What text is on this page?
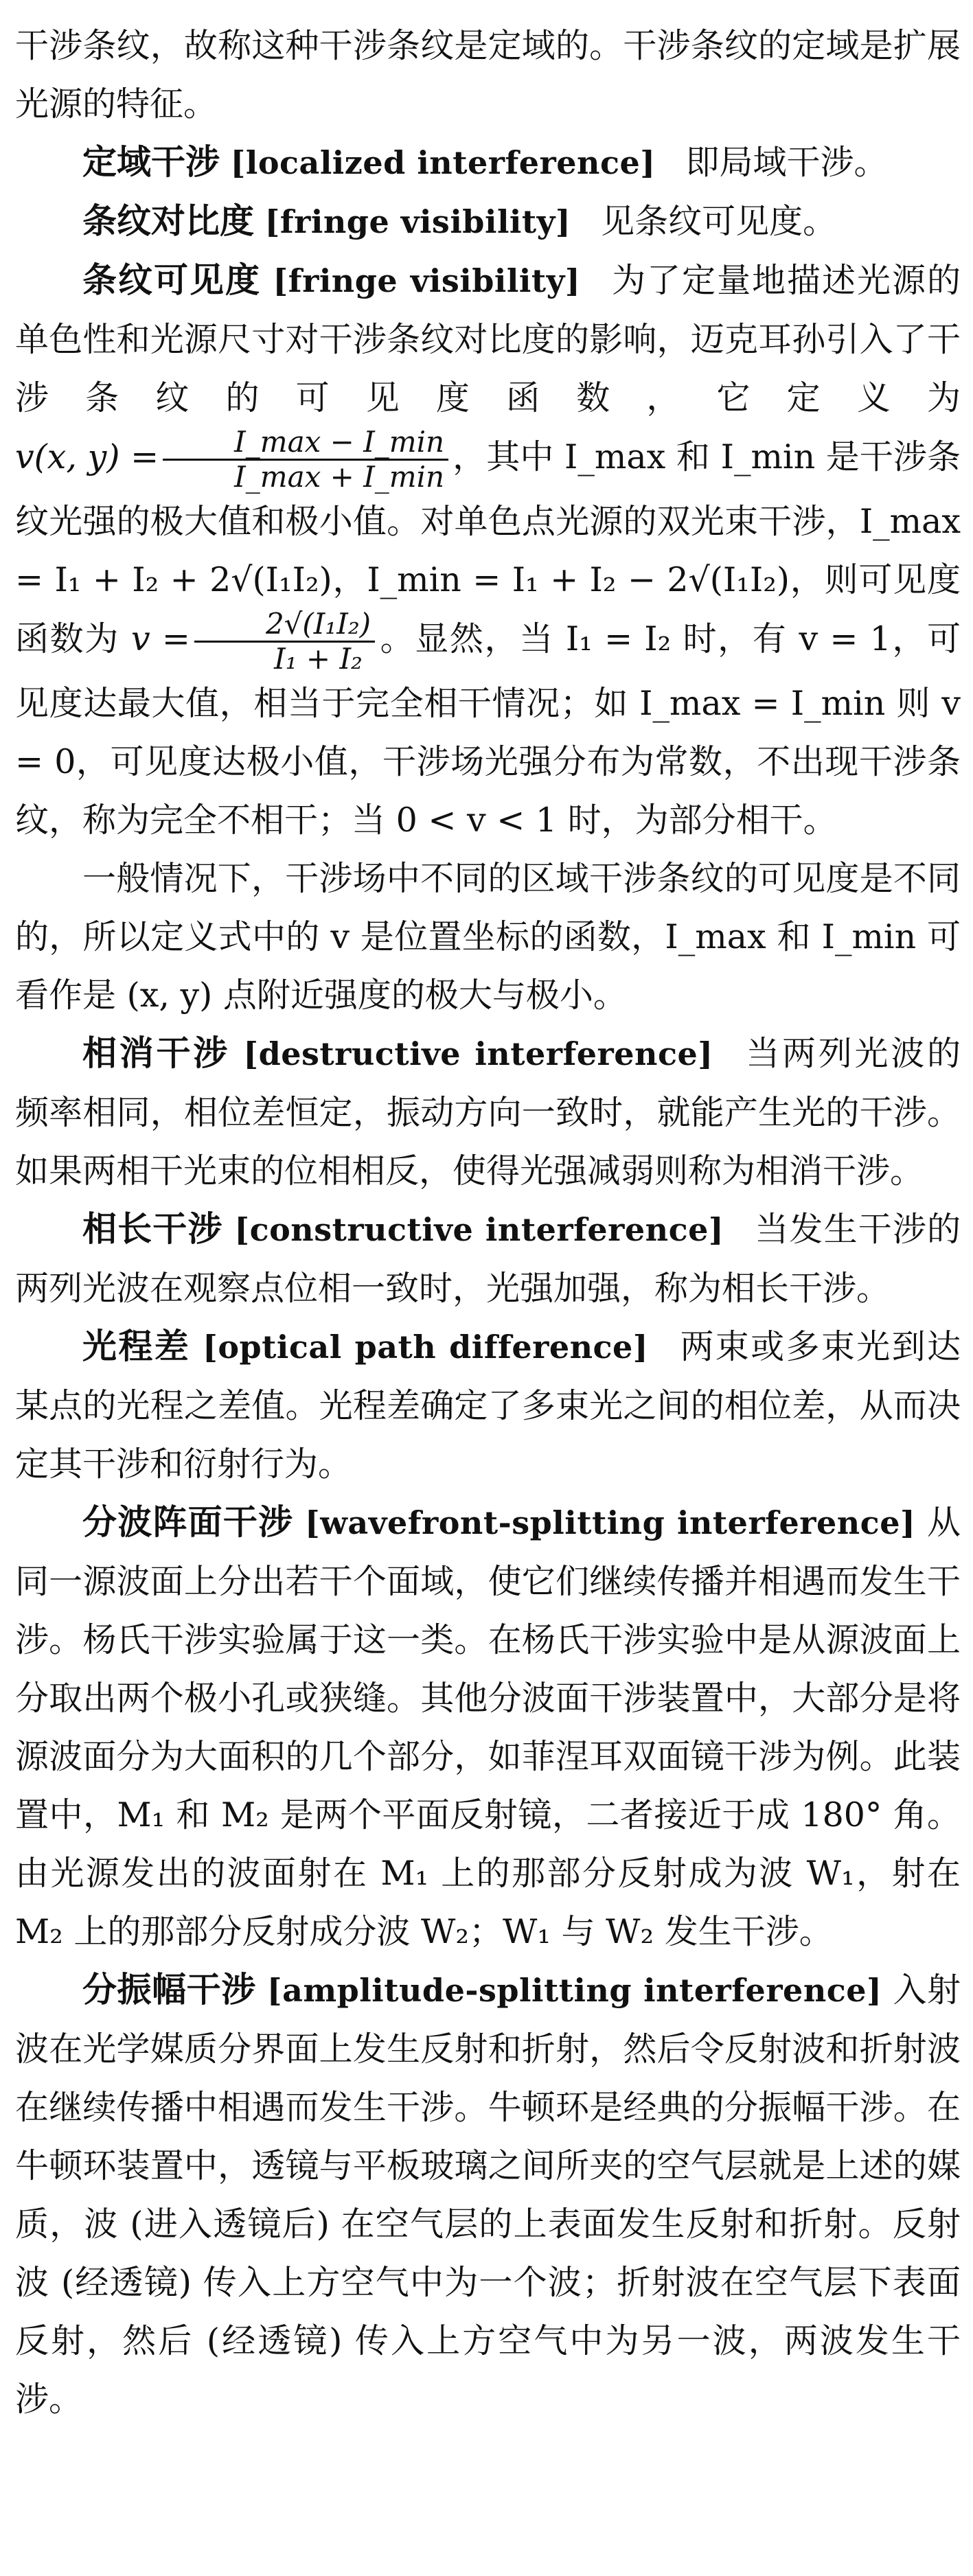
干涉条纹，故称这种干涉条纹是定域的。干涉条纹的定域是扩展光源的特征。

定域干涉 [localized interference] 即局域干涉。

条纹对比度 [fringe visibility] 见条纹可见度。

条纹可见度 [fringe visibility] 为了定量地描述光源的单色性和光源尺寸对干涉条纹对比度的影响，迈克耳孙引入了干涉条纹的可见度函数，它定义为 v(x, $y) = \frac{I\_\max - I\_\min}{I\_\max + I\_\min}$ ，其中 I_max 和 I_min 是干涉条纹光强的极大值和极小值。对单色点光源的双光束干涉，I_max = I₁ + I₂ + 2√(I₁I₂)，I_min = I₁ + I₂ − 2√(I₁I₂)，则可见度函数为 $v = \frac{\text{2√(I₁I₂)}}{\text{I₁ + I₂}}$ 。显然，当 I₁ = I₂ 时，有 v = 1，可见度达最大值，相当于完全相干情况；如 I_max = I_min 则 v = 0，可见度达极小值，干涉场光强分布为常数，不出现干涉条纹，称为完全不相干；当 0 < v < 1 时，为部分相干。

一般情况下，干涉场中不同的区域干涉条纹的可见度是不同的，所以定义式中的 v 是位置坐标的函数，I_max 和 I_min 可看作是 (x, y) 点附近强度的极大与极小。

相消干涉 [destructive interference] 当两列光波的频率相同，相位差恒定，振动方向一致时，就能产生光的干涉。如果两相干光束的位相相反，使得光强减弱则称为相消干涉。

相长干涉 [constructive interference] 当发生干涉的两列光波在观察点位相一致时，光强加强，称为相长干涉。

光程差 [optical path difference] 两束或多束光到达某点的光程之差值。光程差确定了多束光之间的相位差，从而决定其干涉和衍射行为。

分波阵面干涉 [wavefront-splitting interference] 从同一源波面上分出若干个面域，使它们继续传播并相遇而发生干涉。杨氏干涉实验属于这一类。在杨氏干涉实验中是从源波面上分取出两个极小孔或狭缝。其他分波面干涉装置中，大部分是将源波面分为大面积的几个部分，如菲涅耳双面镜干涉为例。此装置中，M₁ 和 M₂ 是两个平面反射镜，二者接近于成 180° 角。由光源发出的波面射在 M₁ 上的那部分反射成为波 W₁，射在 M₂ 上的那部分反射成分波 W₂；W₁ 与 W₂ 发生干涉。

分振幅干涉 [amplitude-splitting interference] 入射波在光学媒质分界面上发生反射和折射，然后令反射波和折射波在继续传播中相遇而发生干涉。牛顿环是经典的分振幅干涉。在牛顿环装置中，透镜与平板玻璃之间所夹的空气层就是上述的媒质，波 (进入透镜后) 在空气层的上表面发生反射和折射。反射波 (经透镜) 传入上方空气中为一个波；折射波在空气层下表面反射，然后 (经透镜) 传入上方空气中为另一波，两波发生干涉。
